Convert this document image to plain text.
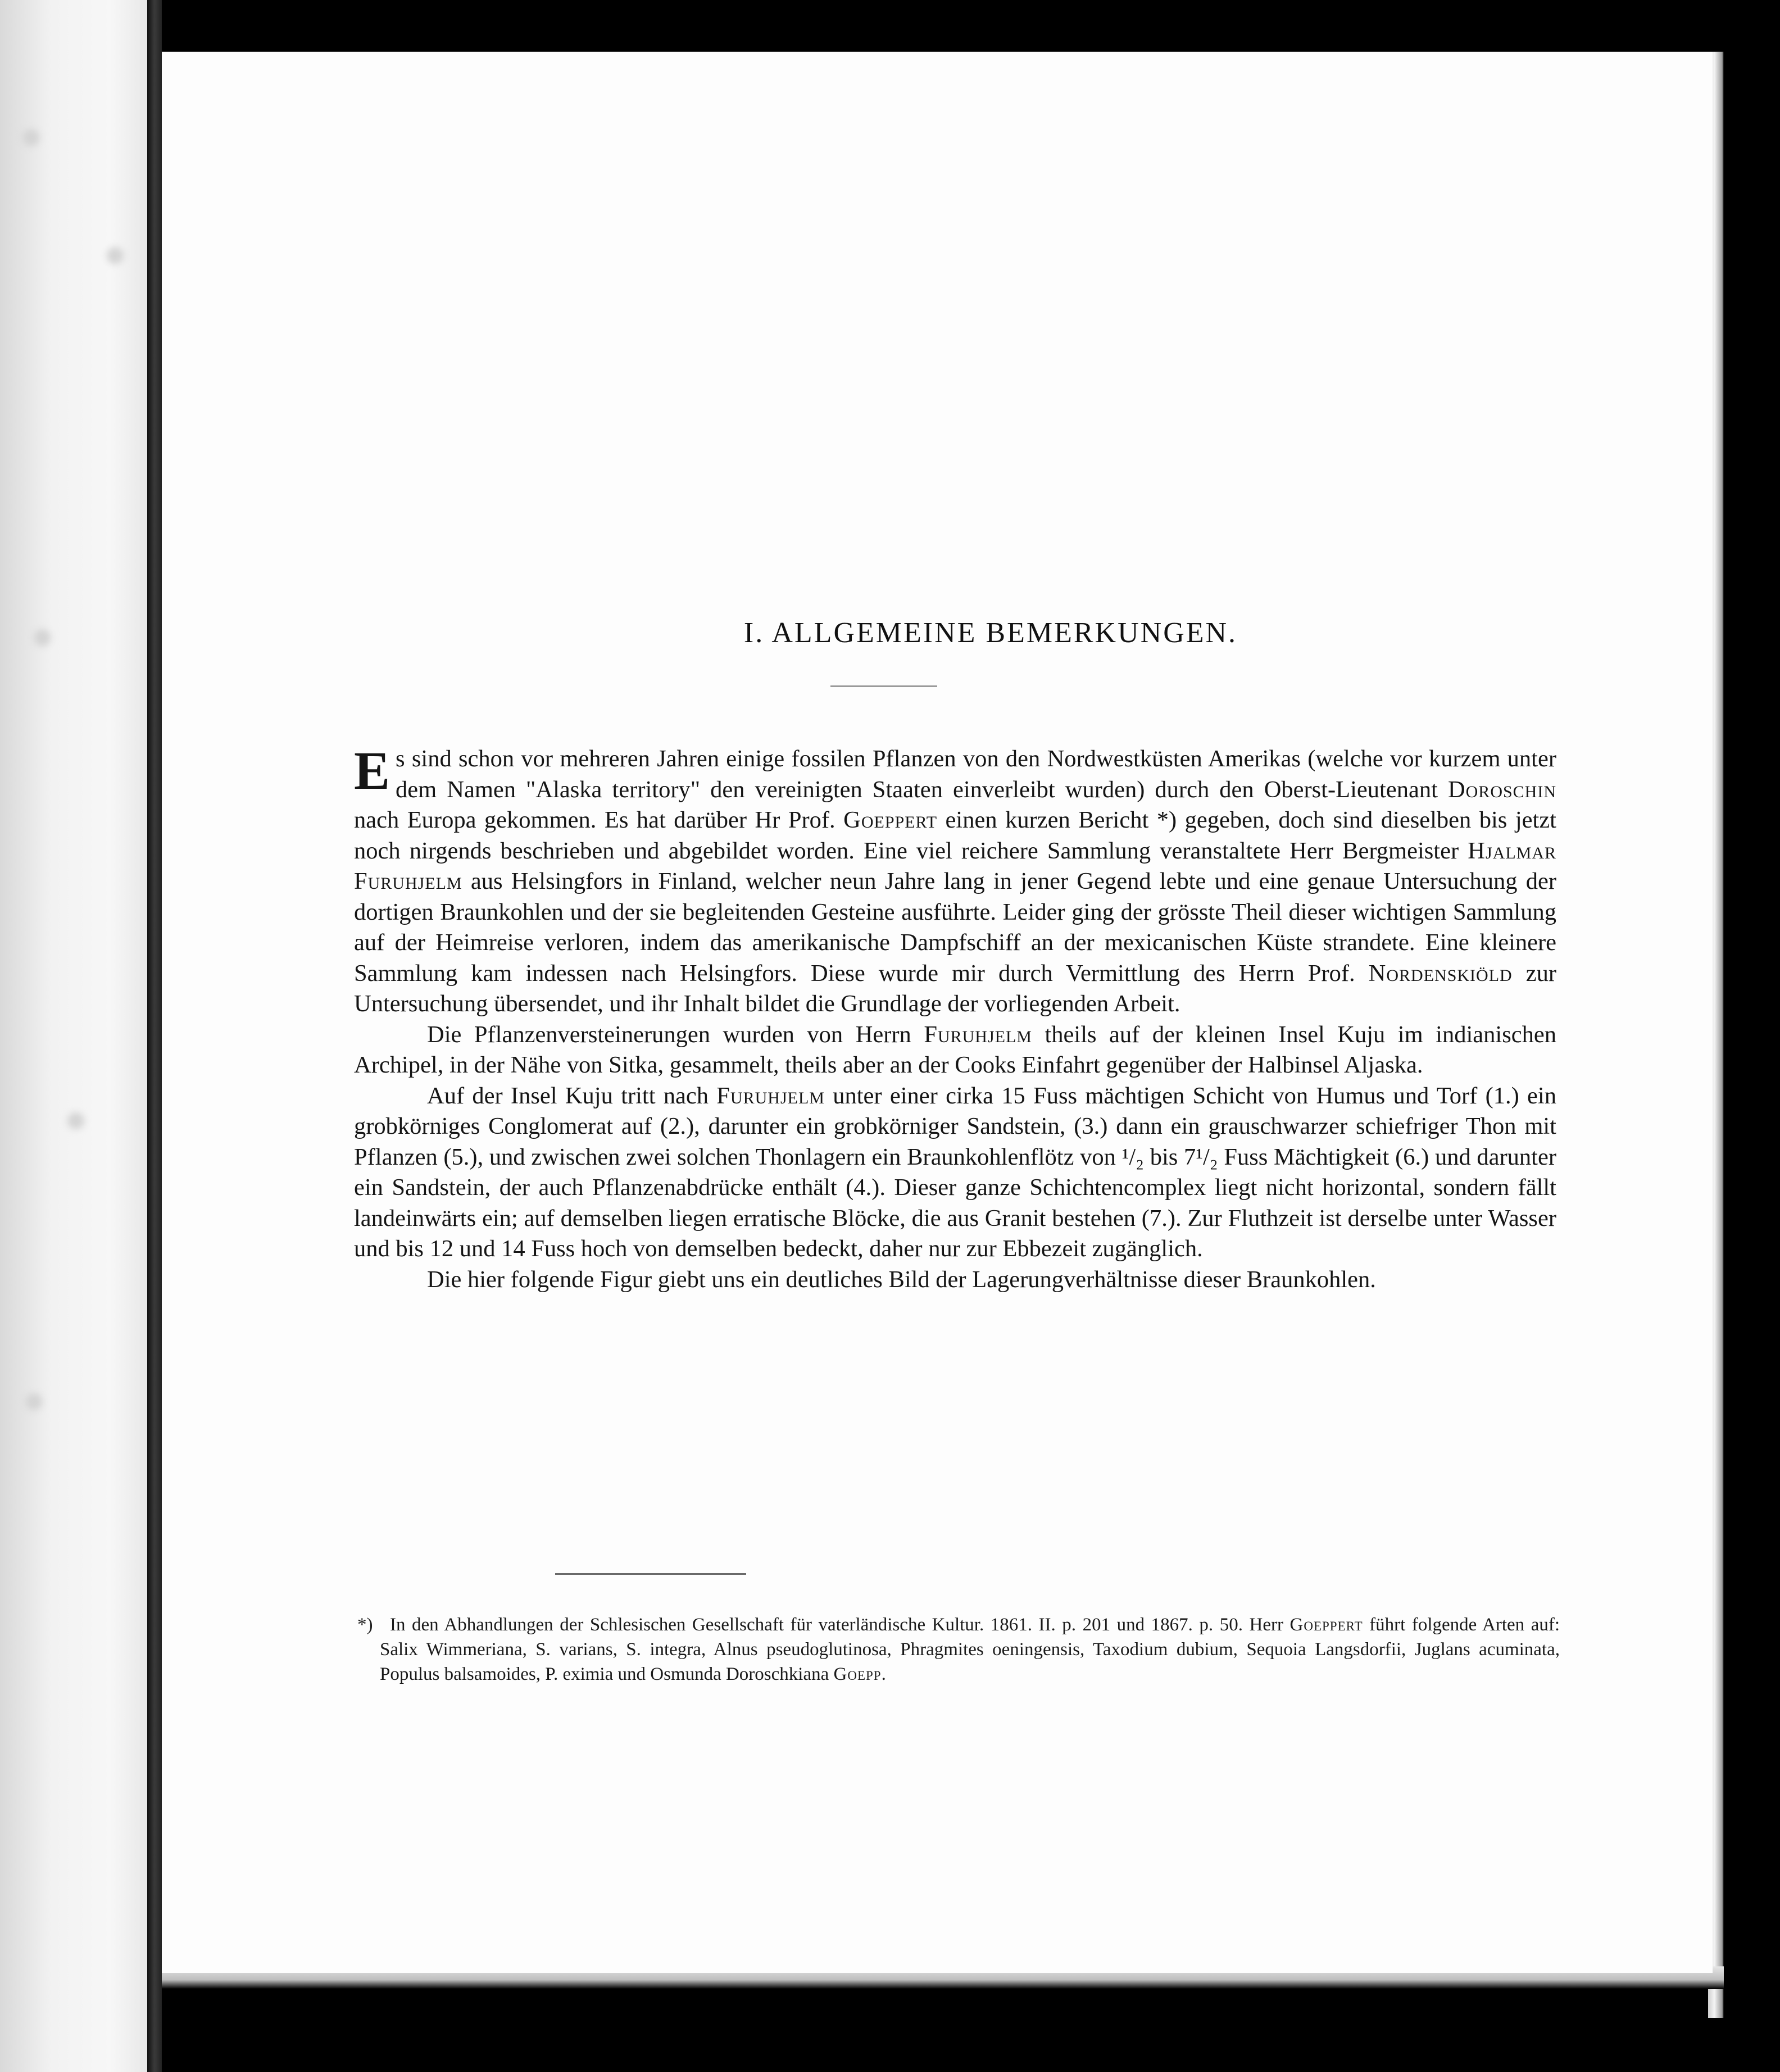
I. ALLGEMEINE BEMERKUNGEN.

Es sind schon vor mehreren Jahren einige fossilen Pflanzen von den Nordwestküsten Amerikas (welche vor kurzem unter dem Namen "Alaska territory" den vereinigten Staaten einverleibt wurden) durch den Oberst-Lieutenant Doroschin nach Europa gekommen. Es hat darüber Hr Prof. Goeppert einen kurzen Bericht *) gegeben, doch sind dieselben bis jetzt noch nirgends beschrieben und abgebildet worden. Eine viel reichere Sammlung veranstaltete Herr Bergmeister Hjalmar Furuhjelm aus Helsingfors in Finland, welcher neun Jahre lang in jener Gegend lebte und eine genaue Untersuchung der dortigen Braunkohlen und der sie begleitenden Gesteine ausführte. Leider ging der grösste Theil dieser wichtigen Sammlung auf der Heimreise verloren, indem das amerikanische Dampfschiff an der mexicanischen Küste strandete. Eine kleinere Sammlung kam indessen nach Helsingfors. Diese wurde mir durch Vermittlung des Herrn Prof. Nordenskiöld zur Untersuchung übersendet, und ihr Inhalt bildet die Grundlage der vorliegenden Arbeit.

Die Pflanzenversteinerungen wurden von Herrn Furuhjelm theils auf der kleinen Insel Kuju im indianischen Archipel, in der Nähe von Sitka, gesammelt, theils aber an der Cooks Einfahrt gegenüber der Halbinsel Aljaska.

Auf der Insel Kuju tritt nach Furuhjelm unter einer cirka 15 Fuss mächtigen Schicht von Humus und Torf (1.) ein grobkörniges Conglomerat auf (2.), darunter ein grobkörniger Sandstein, (3.) dann ein grauschwarzer schiefriger Thon mit Pflanzen (5.), und zwischen zwei solchen Thonlagern ein Braunkohlenflötz von ¹/₂ bis 7¹/₂ Fuss Mächtigkeit (6.) und darunter ein Sandstein, der auch Pflanzenabdrücke enthält (4.). Dieser ganze Schichtencomplex liegt nicht horizontal, sondern fällt landeinwärts ein; auf demselben liegen erratische Blöcke, die aus Granit bestehen (7.). Zur Fluthzeit ist derselbe unter Wasser und bis 12 und 14 Fuss hoch von demselben bedeckt, daher nur zur Ebbezeit zugänglich.

Die hier folgende Figur giebt uns ein deutliches Bild der Lagerungverhältnisse dieser Braunkohlen.

*) In den Abhandlungen der Schlesischen Gesellschaft für vaterländische Kultur. 1861. II. p. 201 und 1867. p. 50. Herr Goeppert führt folgende Arten auf: Salix Wimmeriana, S. varians, S. integra, Alnus pseudoglutinosa, Phragmites oeningensis, Taxodium dubium, Sequoia Langsdorfii, Juglans acuminata, Populus balsamoides, P. eximia und Osmunda Doroschkiana Goepp.
